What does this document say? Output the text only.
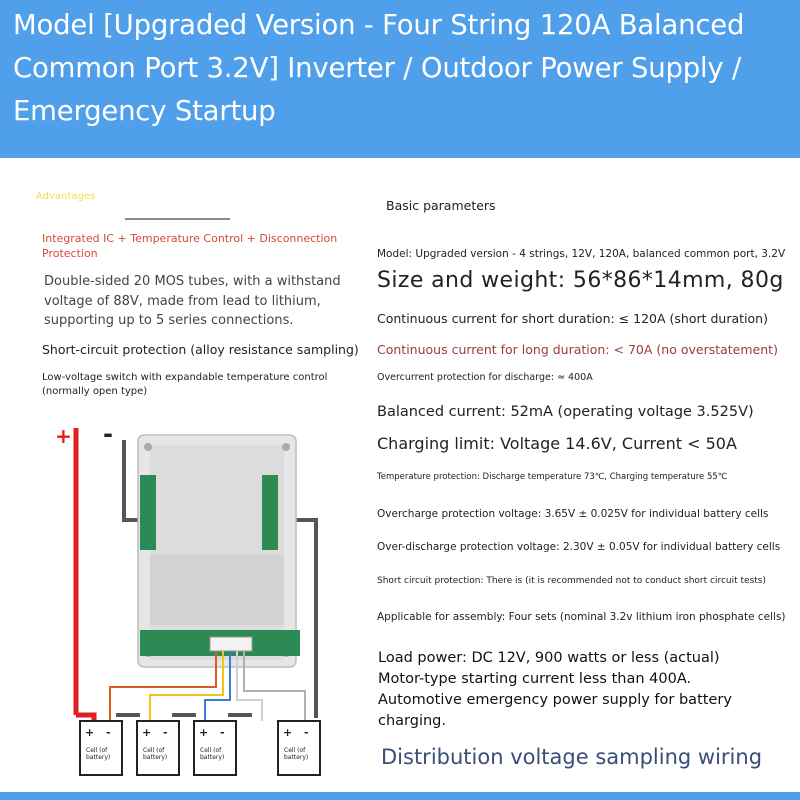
Model [Upgraded Version - Four String 120A Balanced Common Port 3.2V] Inverter / Outdoor Power Supply / Emergency Startup
Advantages
Integrated IC + Temperature Control + Disconnection Protection
Double-sided 20 MOS tubes, with a withstand voltage of 88V, made from lead to lithium, supporting up to 5 series connections.
Short-circuit protection (alloy resistance sampling)
Low-voltage switch with expandable temperature control (normally open type)
Basic parameters
Model: Upgraded version - 4 strings, 12V, 120A, balanced common port, 3.2V
Size and weight: 56*86*14mm, 80g
Continuous current for short duration: ≤ 120A (short duration)
Continuous current for long duration: < 70A (no overstatement)
Overcurrent protection for discharge: ≈ 400A
Balanced current: 52mA (operating voltage 3.525V)
Charging limit: Voltage 14.6V, Current < 50A
Temperature protection: Discharge temperature 73℃, Charging temperature 55℃
Overcharge protection voltage: 3.65V ± 0.025V for individual battery cells
Over-discharge protection voltage: 2.30V ± 0.05V for individual battery cells
Short circuit protection: There is (it is recommended not to conduct short circuit tests)
Applicable for assembly: Four sets (nominal 3.2v lithium iron phosphate cells)
Load power: DC 12V, 900 watts or less (actual)
Motor-type starting current less than 400A.
Automotive emergency power supply for battery charging.
Distribution voltage sampling wiring
+ -
+ -
Cell (of
battery)
+ -
Cell (of
battery)
+ -
Cell (of
battery)
+ -
Cell (of
battery)
